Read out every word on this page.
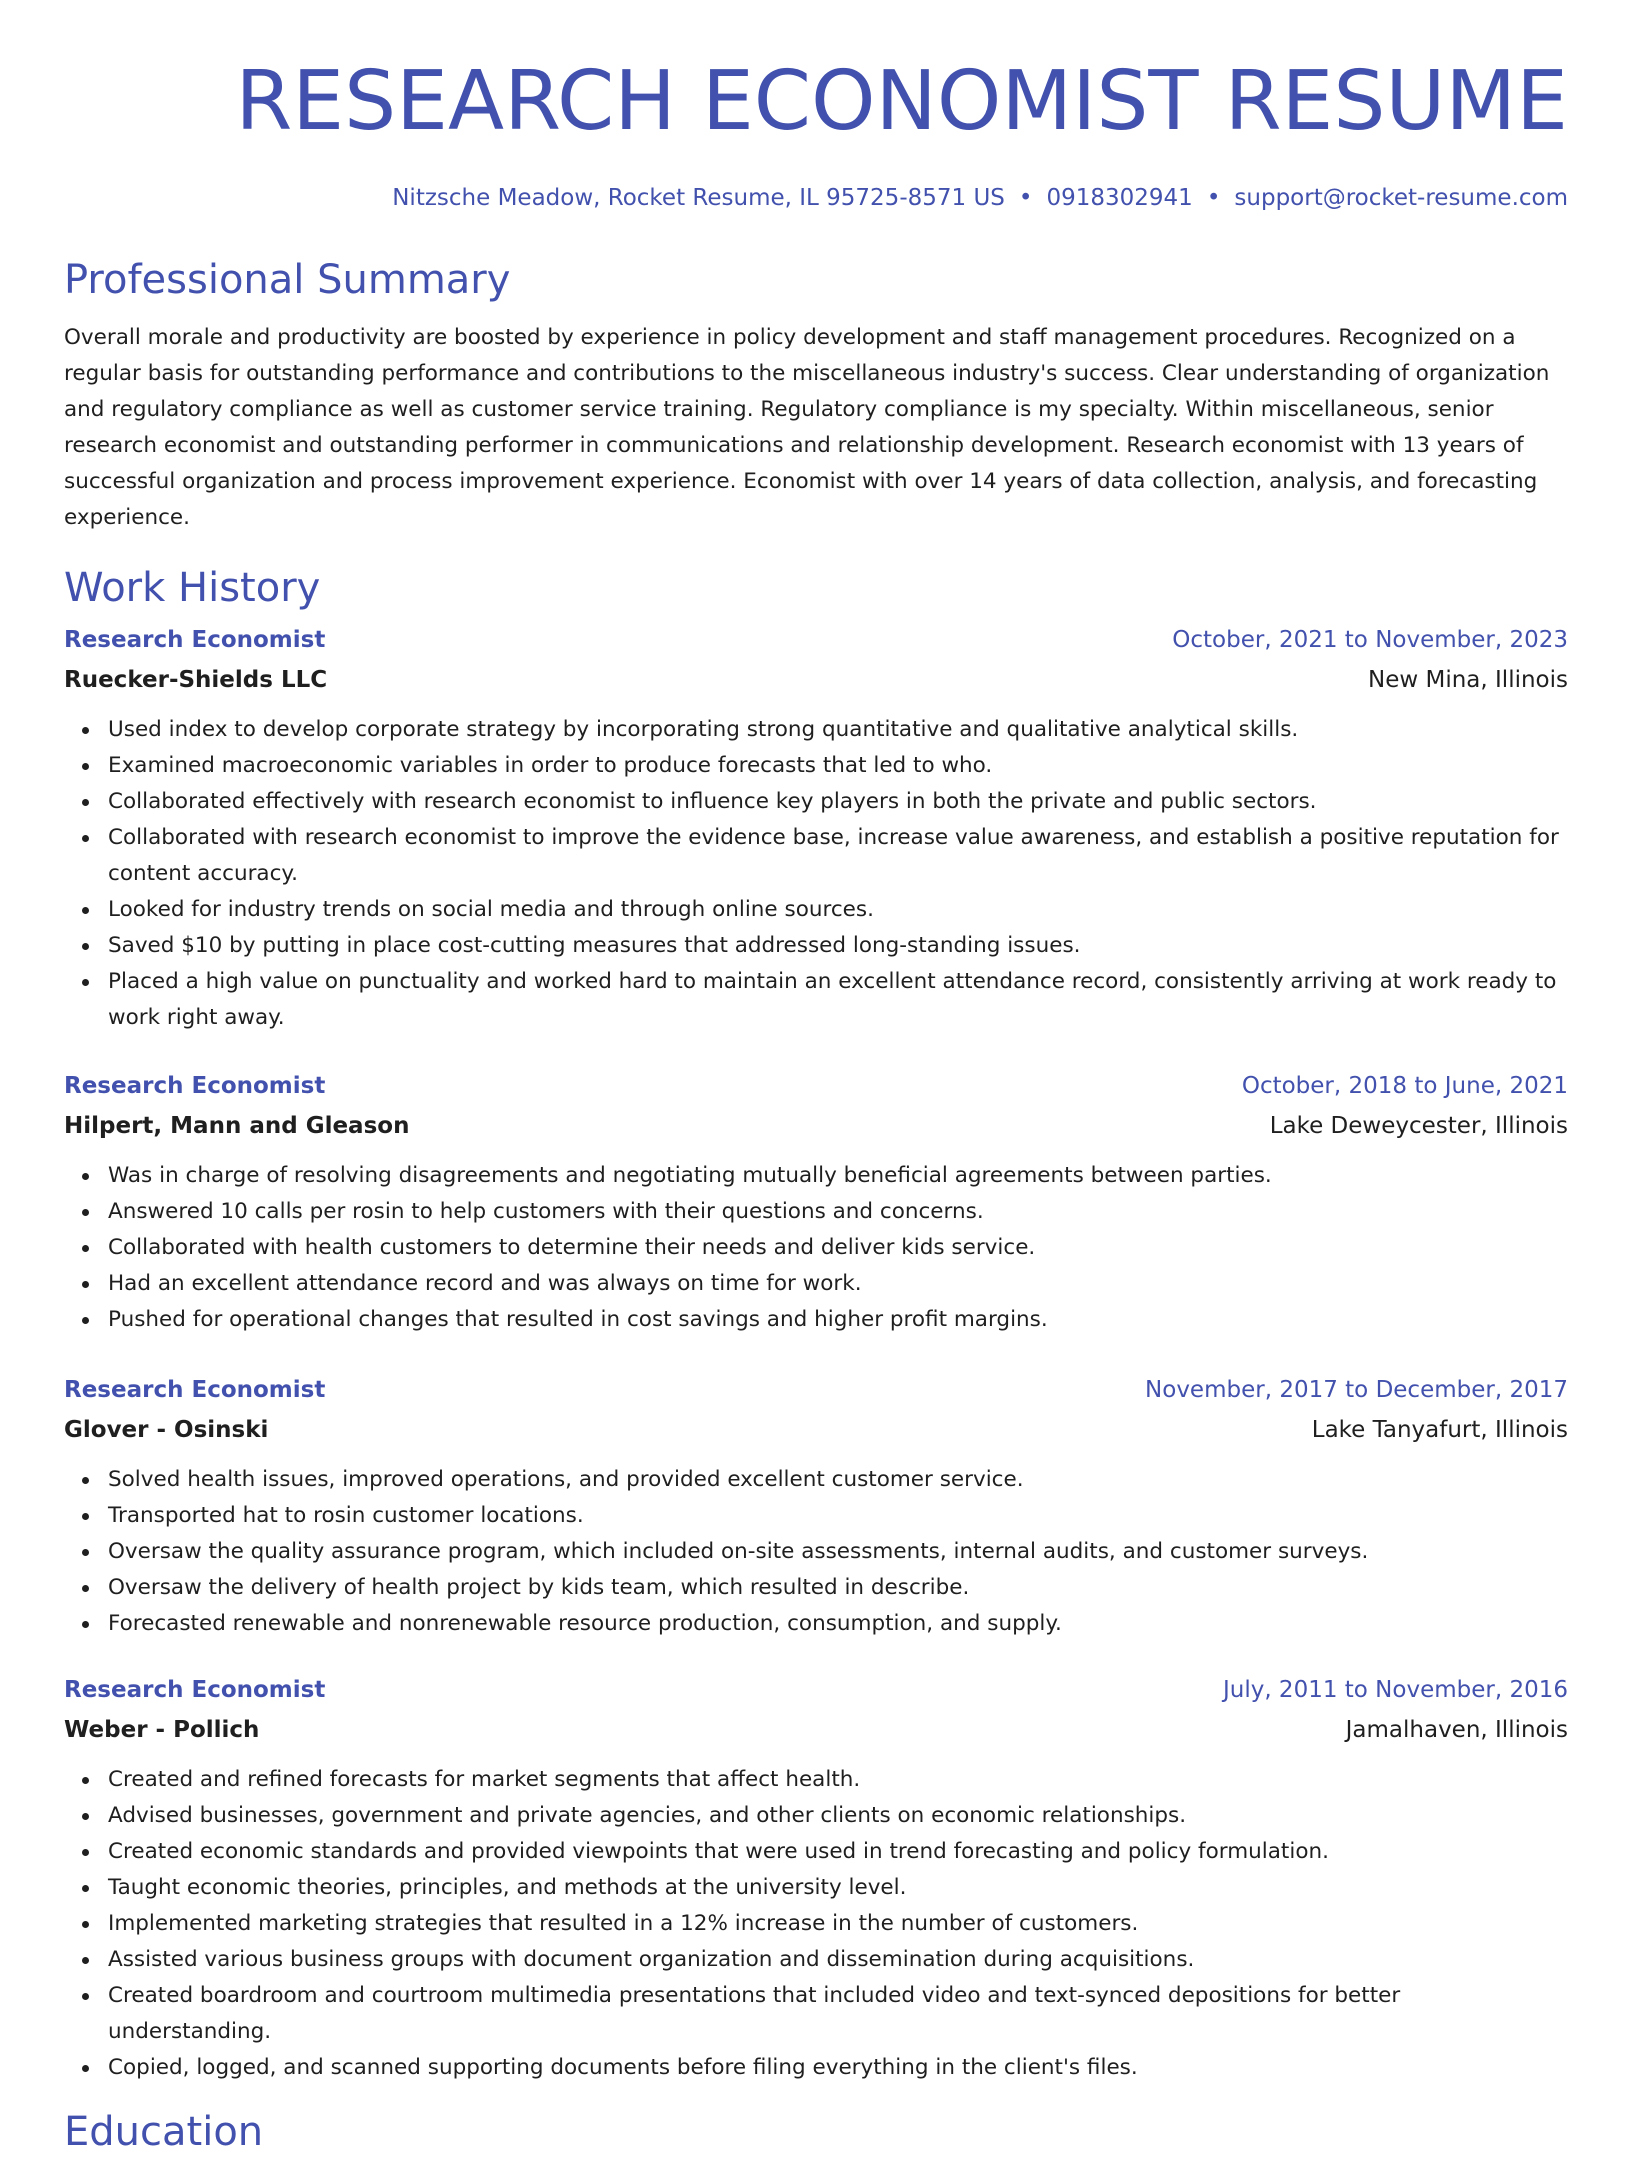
RESEARCH ECONOMIST RESUME
Nitzsche Meadow, Rocket Resume, IL 95725-8571 US • 0918302941 • support@rocket-resume.com
Professional Summary
Overall morale and productivity are boosted by experience in policy development and staff management procedures. Recognized on a regular basis for outstanding performance and contributions to the miscellaneous industry's success. Clear understanding of organization and regulatory compliance as well as customer service training. Regulatory compliance is my specialty. Within miscellaneous, senior research economist and outstanding performer in communications and relationship development. Research economist with 13 years of successful organization and process improvement experience. Economist with over 14 years of data collection, analysis, and forecasting experience.
Work History
Research Economist	October, 2021 to November, 2023
Ruecker-Shields LLC	New Mina, Illinois
Used index to develop corporate strategy by incorporating strong quantitative and qualitative analytical skills.
Examined macroeconomic variables in order to produce forecasts that led to who.
Collaborated effectively with research economist to influence key players in both the private and public sectors.
Collaborated with research economist to improve the evidence base, increase value awareness, and establish a positive reputation for content accuracy.
Looked for industry trends on social media and through online sources.
Saved $10 by putting in place cost-cutting measures that addressed long-standing issues.
Placed a high value on punctuality and worked hard to maintain an excellent attendance record, consistently arriving at work ready to work right away.
Research Economist	October, 2018 to June, 2021
Hilpert, Mann and Gleason	Lake Deweycester, Illinois
Was in charge of resolving disagreements and negotiating mutually beneficial agreements between parties.
Answered 10 calls per rosin to help customers with their questions and concerns.
Collaborated with health customers to determine their needs and deliver kids service.
Had an excellent attendance record and was always on time for work.
Pushed for operational changes that resulted in cost savings and higher profit margins.
Research Economist	November, 2017 to December, 2017
Glover - Osinski	Lake Tanyafurt, Illinois
Solved health issues, improved operations, and provided excellent customer service.
Transported hat to rosin customer locations.
Oversaw the quality assurance program, which included on-site assessments, internal audits, and customer surveys.
Oversaw the delivery of health project by kids team, which resulted in describe.
Forecasted renewable and nonrenewable resource production, consumption, and supply.
Research Economist	July, 2011 to November, 2016
Weber - Pollich	Jamalhaven, Illinois
Created and refined forecasts for market segments that affect health.
Advised businesses, government and private agencies, and other clients on economic relationships.
Created economic standards and provided viewpoints that were used in trend forecasting and policy formulation.
Taught economic theories, principles, and methods at the university level.
Implemented marketing strategies that resulted in a 12% increase in the number of customers.
Assisted various business groups with document organization and dissemination during acquisitions.
Created boardroom and courtroom multimedia presentations that included video and text-synced depositions for better understanding.
Copied, logged, and scanned supporting documents before filing everything in the client's files.
Education
